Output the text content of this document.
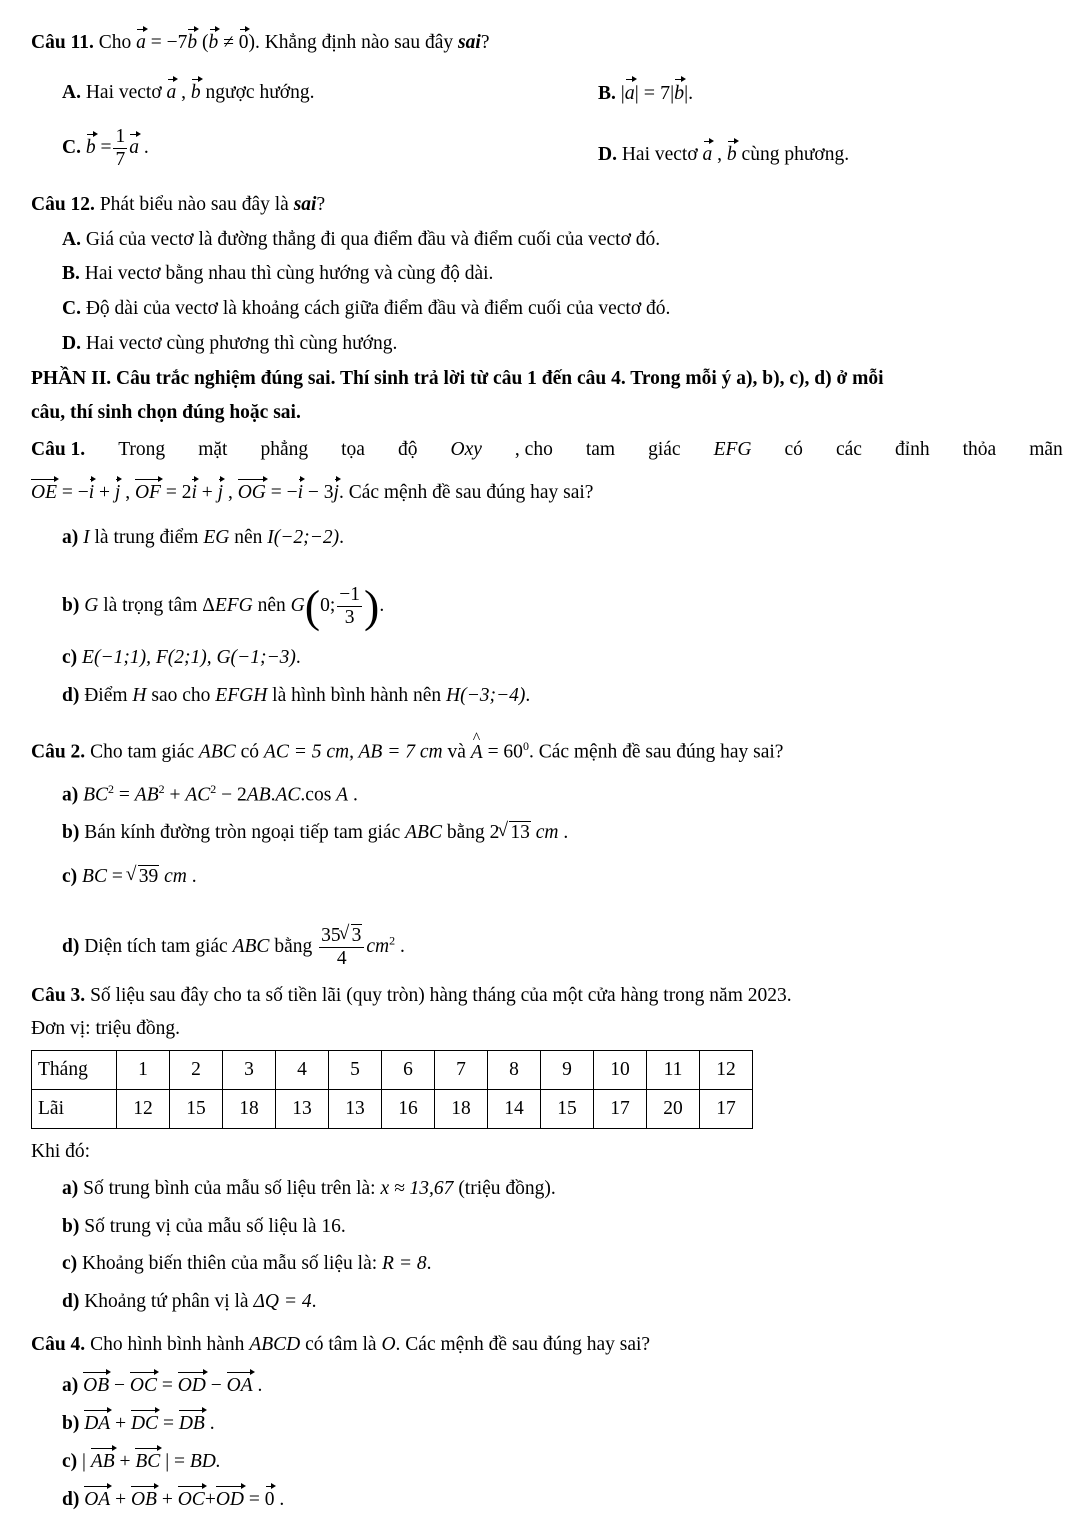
Câu 11. Cho a = −7b (b ≠ 0). Khẳng định nào sau đây sai?
A. Hai vectơ a , b ngược hướng.	B. |a| = 7|b|.
C. $b = \frac{1}{7}$ a .	D. Hai vectơ a , b cùng phương.
Câu 12. Phát biểu nào sau đây là sai?
A. Giá của vectơ là đường thẳng đi qua điểm đầu và điểm cuối của vectơ đó.
B. Hai vectơ bằng nhau thì cùng hướng và cùng độ dài.
C. Độ dài của vectơ là khoảng cách giữa điểm đầu và điểm cuối của vectơ đó.
D. Hai vectơ cùng phương thì cùng hướng.
PHẦN II. Câu trắc nghiệm đúng sai. Thí sinh trả lời từ câu 1 đến câu 4. Trong mỗi ý a), b), c), d) ở mỗi
câu, thí sinh chọn đúng hoặc sai.
Câu 1. Trong mặt phẳng tọa độ Oxy , cho tam giác EFG có các đỉnh thỏa mãn
OE = −i + j , OF = 2i + j , OG = −i − 3j. Các mệnh đề sau đúng hay sai?
a) I là trung điểm EG nên I(−2;−2).
b) G là trọng tâm ΔEFG nên G(0; $\frac{-1}{3}$ ).
c) E(−1;1), F(2;1), G(−1;−3).
d) Điểm H sao cho EFGH là hình bình hành nên H(−3;−4).
Câu 2. Cho tam giác ABC có AC = 5 cm, AB = 7 cm và ^ $A = 60^0$. Các mệnh đề sau đúng hay sai?
a) $BC^2 = AB^2 + AC^2 - 2AB.AC.\cos$ A .
b) Bán kính đường tròn ngoại tiếp tam giác ABC bằng 2 √ 13 cm .
c) BC = √ 39 cm .
d) Diện tích tam giác ABC bằng $\frac{35 √ 3}{4} cm^2$ .
Câu 3. Số liệu sau đây cho ta số tiền lãi (quy tròn) hàng tháng của một cửa hàng trong năm 2023.
Đơn vị: triệu đồng.
Tháng	1	2	3	4	5	6	7	8	9	10	11	12
Lãi	12	15	18	13	13	16	18	14	15	17	20	17
Khi đó:
a) Số trung bình của mẫu số liệu trên là: x ≈ 13,67 (triệu đồng).
b) Số trung vị của mẫu số liệu là 16.
c) Khoảng biến thiên của mẫu số liệu là: R = 8.
d) Khoảng tứ phân vị là ΔQ = 4.
Câu 4. Cho hình bình hành ABCD có tâm là O. Các mệnh đề sau đúng hay sai?
a) OB − OC = OD − OA .
b) DA + DC = DB .
c) | AB + BC | = BD.
d) OA + OB + OC+OD = 0 .
